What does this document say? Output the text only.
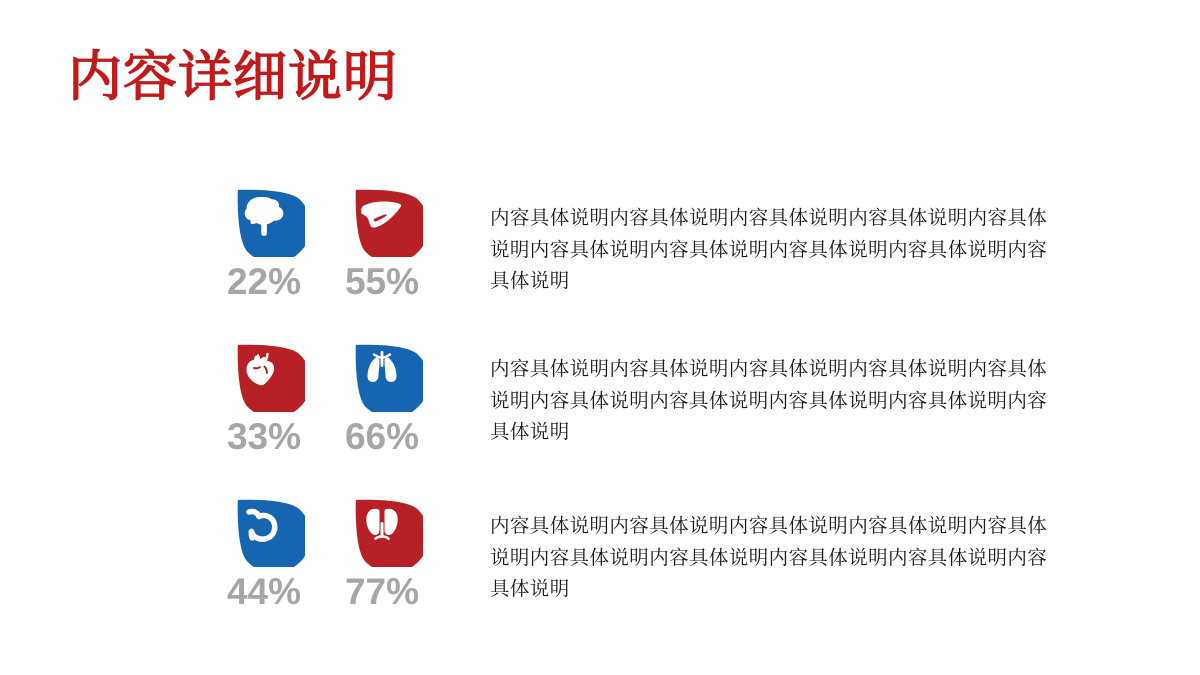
内容详细说明
22% 55%
内容具体说明内容具体说明内容具体说明内容具体说明内容具体说明内容具体说明内容具体说明内容具体说明内容具体说明内容具体说明
33% 66%
内容具体说明内容具体说明内容具体说明内容具体说明内容具体说明内容具体说明内容具体说明内容具体说明内容具体说明内容具体说明
44% 77%
内容具体说明内容具体说明内容具体说明内容具体说明内容具体说明内容具体说明内容具体说明内容具体说明内容具体说明内容具体说明
